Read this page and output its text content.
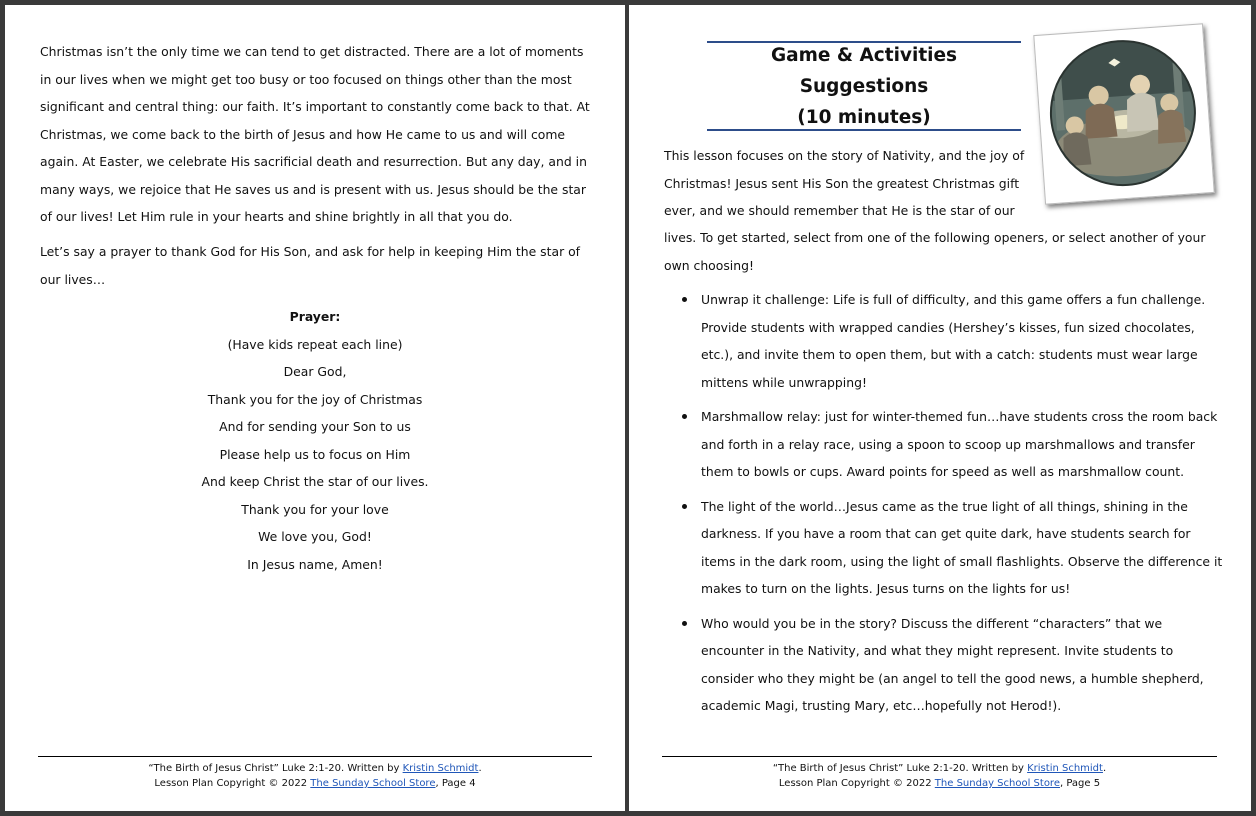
Christmas isn’t the only time we can tend to get distracted. There are a lot of moments in our lives when we might get too busy or too focused on things other than the most significant and central thing: our faith. It’s important to constantly come back to that. At Christmas, we come back to the birth of Jesus and how He came to us and will come again. At Easter, we celebrate His sacrificial death and resurrection. But any day, and in many ways, we rejoice that He saves us and is present with us. Jesus should be the star of our lives! Let Him rule in your hearts and shine brightly in all that you do.

Let’s say a prayer to thank God for His Son, and ask for help in keeping Him the star of our lives…

Prayer:
(Have kids repeat each line)
Dear God,
Thank you for the joy of Christmas
And for sending your Son to us
Please help us to focus on Him
And keep Christ the star of our lives.
Thank you for your love
We love you, God!
In Jesus name, Amen!
“The Birth of Jesus Christ” Luke 2:1-20. Written by Kristin Schmidt.
Lesson Plan Copyright © 2022 The Sunday School Store, Page 4
Game & Activities Suggestions
(10 minutes)

This lesson focuses on the story of Nativity, and the joy of Christmas! Jesus sent His Son the greatest Christmas gift ever, and we should remember that He is the star of our

lives. To get started, select from one of the following openers, or select another of your own choosing!

Unwrap it challenge: Life is full of difficulty, and this game offers a fun challenge. Provide students with wrapped candies (Hershey’s kisses, fun sized chocolates, etc.), and invite them to open them, but with a catch: students must wear large mittens while unwrapping!
Marshmallow relay: just for winter-themed fun…have students cross the room back and forth in a relay race, using a spoon to scoop up marshmallows and transfer them to bowls or cups. Award points for speed as well as marshmallow count.
The light of the world…Jesus came as the true light of all things, shining in the darkness. If you have a room that can get quite dark, have students search for items in the dark room, using the light of small flashlights. Observe the difference it makes to turn on the lights. Jesus turns on the lights for us!
Who would you be in the story? Discuss the different “characters” that we encounter in the Nativity, and what they might represent. Invite students to consider who they might be (an angel to tell the good news, a humble shepherd, academic Magi, trusting Mary, etc…hopefully not Herod!).
“The Birth of Jesus Christ” Luke 2:1-20. Written by Kristin Schmidt.
Lesson Plan Copyright © 2022 The Sunday School Store, Page 5
